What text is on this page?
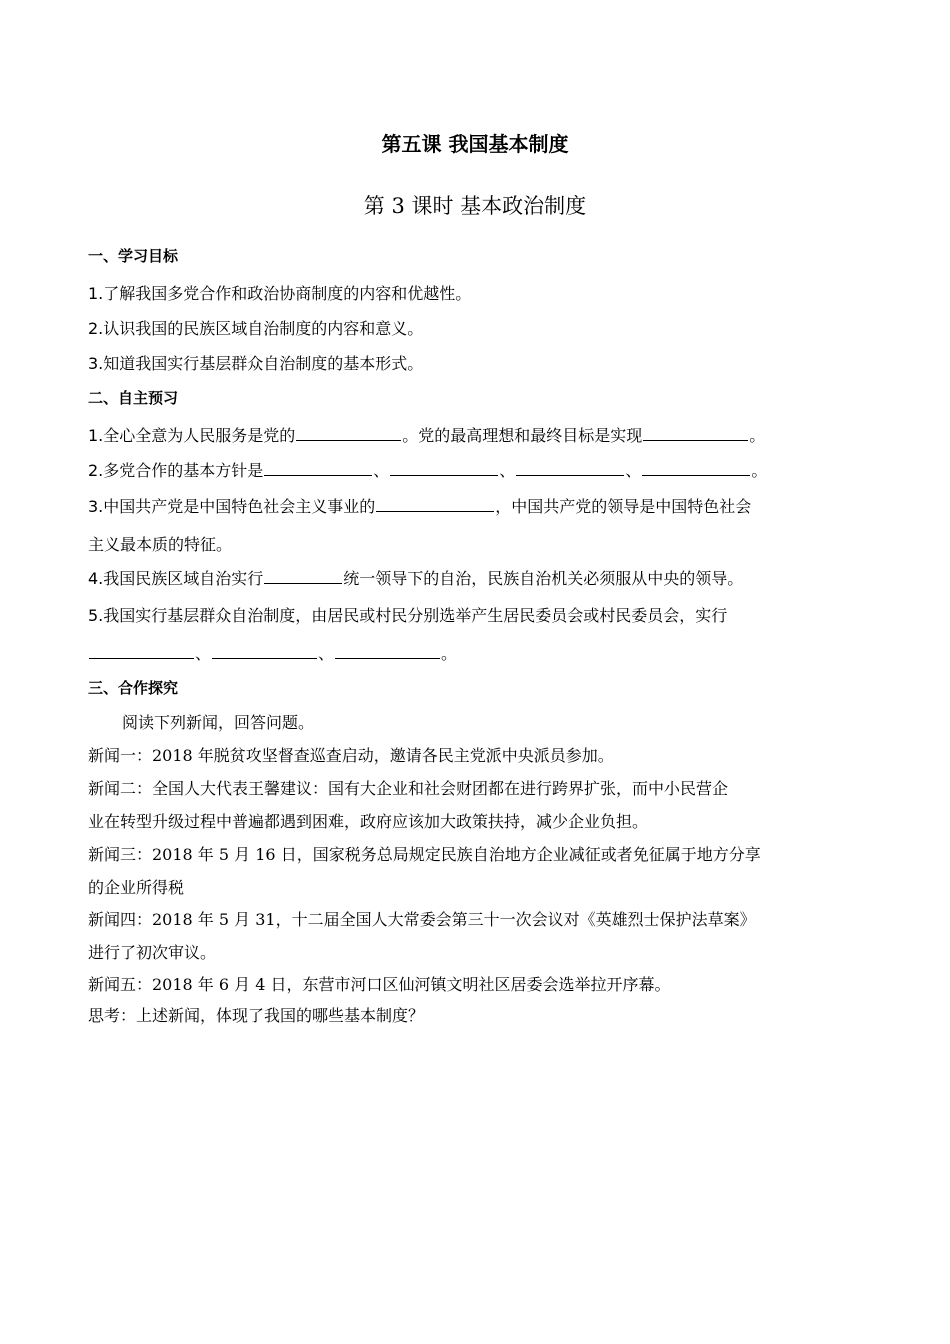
第五课 我国基本制度
第 3 课时 基本政治制度
一、学习目标
1.了解我国多党合作和政治协商制度的内容和优越性。
2.认识我国的民族区域自治制度的内容和意义。
3.知道我国实行基层群众自治制度的基本形式。
二、自主预习
1.全心全意为人民服务是党的	。党的最高理想和最终目标是实现	。
2.多党合作的基本方针是	、	、	、	。
3.中国共产党是中国特色社会主义事业的	，中国共产党的领导是中国特色社会
主义最本质的特征。
4.我国民族区域自治实行	统一领导下的自治，民族自治机关必须服从中央的领导。
5.我国实行基层群众自治制度，由居民或村民分别选举产生居民委员会或村民委员会，实行
、	、	。
三、合作探究
阅读下列新闻，回答问题。
新闻一：2018 年脱贫攻坚督查巡查启动，邀请各民主党派中央派员参加。
新闻二：全国人大代表王馨建议：国有大企业和社会财团都在进行跨界扩张，而中小民营企
业在转型升级过程中普遍都遇到困难，政府应该加大政策扶持，减少企业负担。
新闻三：2018 年 5 月 16 日，国家税务总局规定民族自治地方企业减征或者免征属于地方分享
的企业所得税
新闻四：2018 年 5 月 31，十二届全国人大常委会第三十一次会议对《英雄烈士保护法草案》
进行了初次审议。
新闻五：2018 年 6 月 4 日，东营市河口区仙河镇文明社区居委会选举拉开序幕。
思考：上述新闻，体现了我国的哪些基本制度？
